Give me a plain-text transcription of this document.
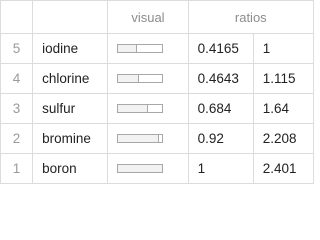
		visual	ratios	
5	iodine		0.4165	1
4	chlorine		0.4643	1.115
3	sulfur		0.684	1.64
2	bromine		0.92	2.208
1	boron		1	2.401
